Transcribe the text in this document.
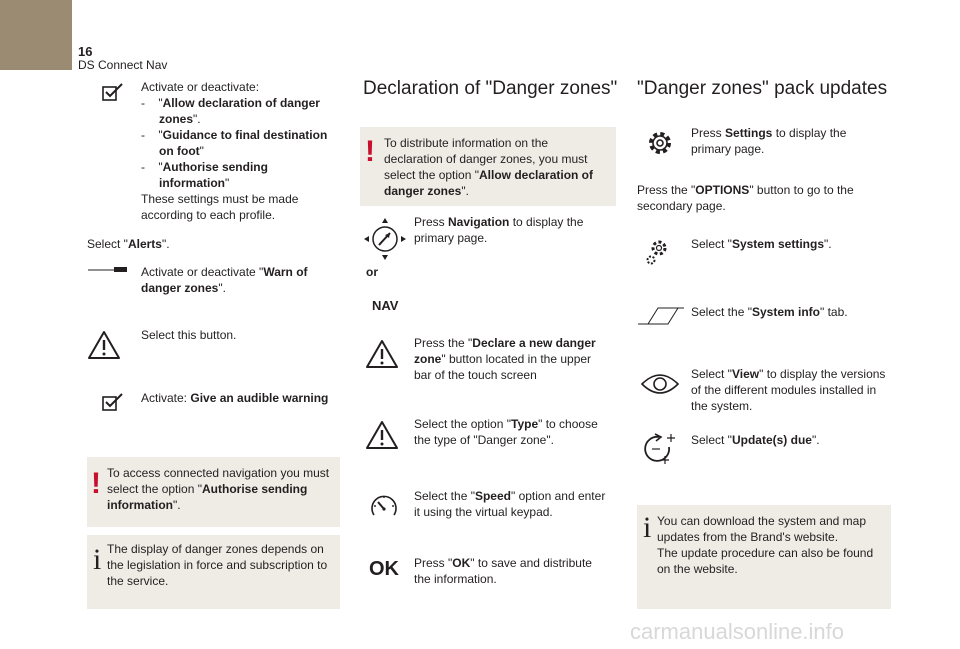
16
DS Connect Nav
Activate or deactivate:
- "Allow declaration of danger zones".
- "Guidance to final destination on foot"
- "Authorise sending information"
These settings must be made according to each profile.
Select "Alerts".
Activate or deactivate "Warn of danger zones".
Select this button.
Activate: Give an audible warning
! To access connected navigation you must select the option "Authorise sending information".
i The display of danger zones depends on the legislation in force and subscription to the service.
Declaration of "Danger zones"
! To distribute information on the declaration of danger zones, you must select the option "Allow declaration of danger zones".
or
NAV
Press Navigation to display the primary page.
Press the "Declare a new danger zone" button located in the upper bar of the touch screen
Select the option "Type" to choose the type of "Danger zone".
Select the "Speed" option and enter it using the virtual keypad.
OK Press "OK" to save and distribute the information.
"Danger zones" pack updates
Press Settings to display the primary page.
Press the "OPTIONS" button to go to the secondary page.
Select "System settings".
Select the "System info" tab.
Select "View" to display the versions of the different modules installed in the system.
Select "Update(s) due".
i You can download the system and map updates from the Brand's website.
The update procedure can also be found on the website.
carmanualsonline.info
